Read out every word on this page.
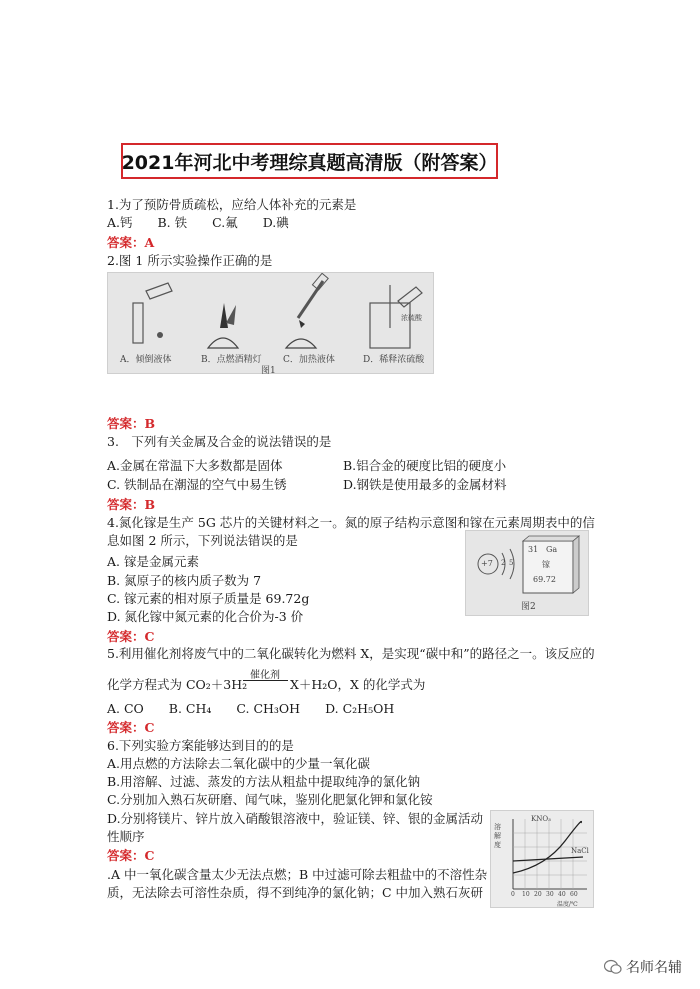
2021年河北中考理综真题高清版（附答案）
1.为了预防骨质疏松，应给人体补充的元素是
A.钙　　B. 铁　　C.氟　　D.碘
答案：A
2.图 1 所示实验操作正确的是
A．倾倒液体	B．点燃酒精灯 C．加热液体	D．稀释浓硫酸
浓硫酸
图1
答案：B
3.　下列有关金属及合金的说法错误的是
A.金属在常温下大多数都是固体	B.铝合金的硬度比铝的硬度小
C. 铁制品在潮湿的空气中易生锈	D.钢铁是使用最多的金属材料
答案：B
4.氮化镓是生产 5G 芯片的关键材料之一。氮的原子结构示意图和镓在元素周期表中的信
息如图 2 所示，下列说法错误的是
A. 镓是金属元素
B. 氮原子的核内质子数为 7
C. 镓元素的相对原子质量是 69.72g
D. 氮化镓中氮元素的化合价为-3 价
答案：C
+7 2 5
31 Ga
镓
69.72
图2
5.利用催化剂将废气中的二氧化碳转化为燃料 X，是实现“碳中和”的路径之一。该反应的
化学方程式为 CO₂＋3H₂
催化剂
X＋H₂O，X 的化学式为
A. CO　　B. CH₄　　C. CH₃OH　　D. C₂H₅OH
答案：C
6.下列实验方案能够达到目的的是
A.用点燃的方法除去二氧化碳中的少量一氧化碳
B.用溶解、过滤、蒸发的方法从粗盐中提取纯净的氯化钠
C.分别加入熟石灰研磨、闻气味，鉴别化肥氯化钾和氯化铵
D.分别将镁片、锌片放入硝酸银溶液中，验证镁、锌、银的金属活动
性顺序
答案：C
.A 中一氧化碳含量太少无法点燃；B 中过滤可除去粗盐中的不溶性杂
质，无法除去可溶性杂质，得不到纯净的氯化钠；C 中加入熟石灰研
溶解度
KNO₃
NaCl
0 10 20 30 40 60
温度/℃
名师名辅
